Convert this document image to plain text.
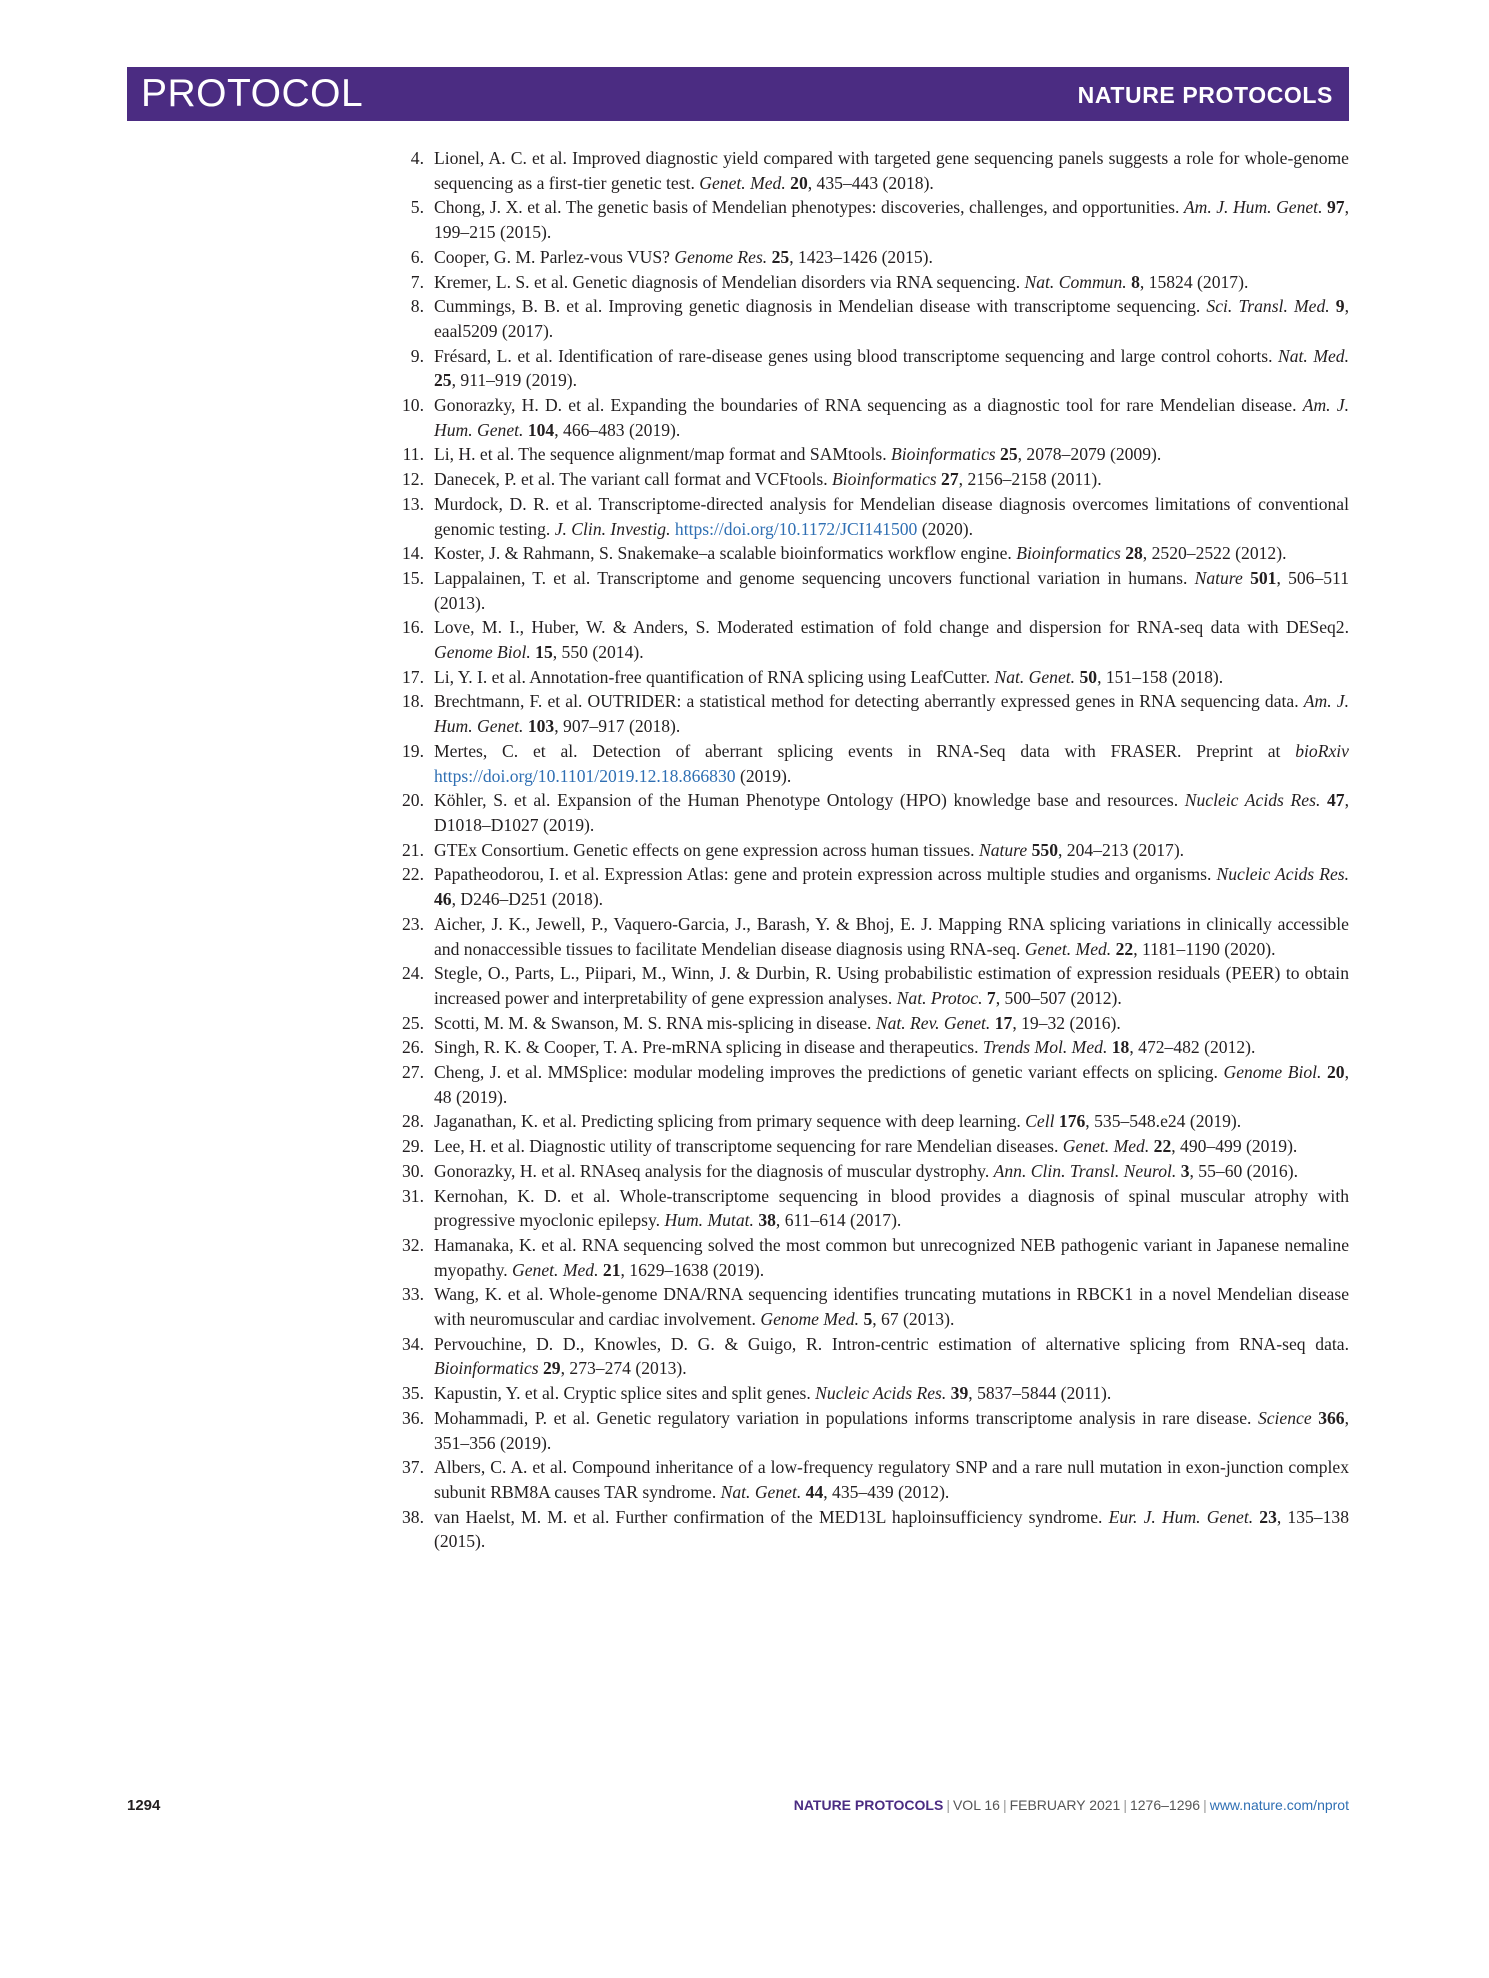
PROTOCOL	NATURE PROTOCOLS
4. Lionel, A. C. et al. Improved diagnostic yield compared with targeted gene sequencing panels suggests a role for whole-genome sequencing as a first-tier genetic test. Genet. Med. 20, 435–443 (2018).
5. Chong, J. X. et al. The genetic basis of Mendelian phenotypes: discoveries, challenges, and opportunities. Am. J. Hum. Genet. 97, 199–215 (2015).
6. Cooper, G. M. Parlez-vous VUS? Genome Res. 25, 1423–1426 (2015).
7. Kremer, L. S. et al. Genetic diagnosis of Mendelian disorders via RNA sequencing. Nat. Commun. 8, 15824 (2017).
8. Cummings, B. B. et al. Improving genetic diagnosis in Mendelian disease with transcriptome sequencing. Sci. Transl. Med. 9, eaal5209 (2017).
9. Frésard, L. et al. Identification of rare-disease genes using blood transcriptome sequencing and large control cohorts. Nat. Med. 25, 911–919 (2019).
10. Gonorazky, H. D. et al. Expanding the boundaries of RNA sequencing as a diagnostic tool for rare Mendelian disease. Am. J. Hum. Genet. 104, 466–483 (2019).
11. Li, H. et al. The sequence alignment/map format and SAMtools. Bioinformatics 25, 2078–2079 (2009).
12. Danecek, P. et al. The variant call format and VCFtools. Bioinformatics 27, 2156–2158 (2011).
13. Murdock, D. R. et al. Transcriptome-directed analysis for Mendelian disease diagnosis overcomes limitations of conventional genomic testing. J. Clin. Investig. https://doi.org/10.1172/JCI141500 (2020).
14. Koster, J. & Rahmann, S. Snakemake–a scalable bioinformatics workflow engine. Bioinformatics 28, 2520–2522 (2012).
15. Lappalainen, T. et al. Transcriptome and genome sequencing uncovers functional variation in humans. Nature 501, 506–511 (2013).
16. Love, M. I., Huber, W. & Anders, S. Moderated estimation of fold change and dispersion for RNA-seq data with DESeq2. Genome Biol. 15, 550 (2014).
17. Li, Y. I. et al. Annotation-free quantification of RNA splicing using LeafCutter. Nat. Genet. 50, 151–158 (2018).
18. Brechtmann, F. et al. OUTRIDER: a statistical method for detecting aberrantly expressed genes in RNA sequencing data. Am. J. Hum. Genet. 103, 907–917 (2018).
19. Mertes, C. et al. Detection of aberrant splicing events in RNA-Seq data with FRASER. Preprint at bioRxiv https://doi.org/10.1101/2019.12.18.866830 (2019).
20. Köhler, S. et al. Expansion of the Human Phenotype Ontology (HPO) knowledge base and resources. Nucleic Acids Res. 47, D1018–D1027 (2019).
21. GTEx Consortium. Genetic effects on gene expression across human tissues. Nature 550, 204–213 (2017).
22. Papatheodorou, I. et al. Expression Atlas: gene and protein expression across multiple studies and organisms. Nucleic Acids Res. 46, D246–D251 (2018).
23. Aicher, J. K., Jewell, P., Vaquero-Garcia, J., Barash, Y. & Bhoj, E. J. Mapping RNA splicing variations in clinically accessible and nonaccessible tissues to facilitate Mendelian disease diagnosis using RNA-seq. Genet. Med. 22, 1181–1190 (2020).
24. Stegle, O., Parts, L., Piipari, M., Winn, J. & Durbin, R. Using probabilistic estimation of expression residuals (PEER) to obtain increased power and interpretability of gene expression analyses. Nat. Protoc. 7, 500–507 (2012).
25. Scotti, M. M. & Swanson, M. S. RNA mis-splicing in disease. Nat. Rev. Genet. 17, 19–32 (2016).
26. Singh, R. K. & Cooper, T. A. Pre-mRNA splicing in disease and therapeutics. Trends Mol. Med. 18, 472–482 (2012).
27. Cheng, J. et al. MMSplice: modular modeling improves the predictions of genetic variant effects on splicing. Genome Biol. 20, 48 (2019).
28. Jaganathan, K. et al. Predicting splicing from primary sequence with deep learning. Cell 176, 535–548.e24 (2019).
29. Lee, H. et al. Diagnostic utility of transcriptome sequencing for rare Mendelian diseases. Genet. Med. 22, 490–499 (2019).
30. Gonorazky, H. et al. RNAseq analysis for the diagnosis of muscular dystrophy. Ann. Clin. Transl. Neurol. 3, 55–60 (2016).
31. Kernohan, K. D. et al. Whole-transcriptome sequencing in blood provides a diagnosis of spinal muscular atrophy with progressive myoclonic epilepsy. Hum. Mutat. 38, 611–614 (2017).
32. Hamanaka, K. et al. RNA sequencing solved the most common but unrecognized NEB pathogenic variant in Japanese nemaline myopathy. Genet. Med. 21, 1629–1638 (2019).
33. Wang, K. et al. Whole-genome DNA/RNA sequencing identifies truncating mutations in RBCK1 in a novel Mendelian disease with neuromuscular and cardiac involvement. Genome Med. 5, 67 (2013).
34. Pervouchine, D. D., Knowles, D. G. & Guigo, R. Intron-centric estimation of alternative splicing from RNA-seq data. Bioinformatics 29, 273–274 (2013).
35. Kapustin, Y. et al. Cryptic splice sites and split genes. Nucleic Acids Res. 39, 5837–5844 (2011).
36. Mohammadi, P. et al. Genetic regulatory variation in populations informs transcriptome analysis in rare disease. Science 366, 351–356 (2019).
37. Albers, C. A. et al. Compound inheritance of a low-frequency regulatory SNP and a rare null mutation in exon-junction complex subunit RBM8A causes TAR syndrome. Nat. Genet. 44, 435–439 (2012).
38. van Haelst, M. M. et al. Further confirmation of the MED13L haploinsufficiency syndrome. Eur. J. Hum. Genet. 23, 135–138 (2015).
1294	NATURE PROTOCOLS | VOL 16 | FEBRUARY 2021 | 1276–1296 | www.nature.com/nprot
